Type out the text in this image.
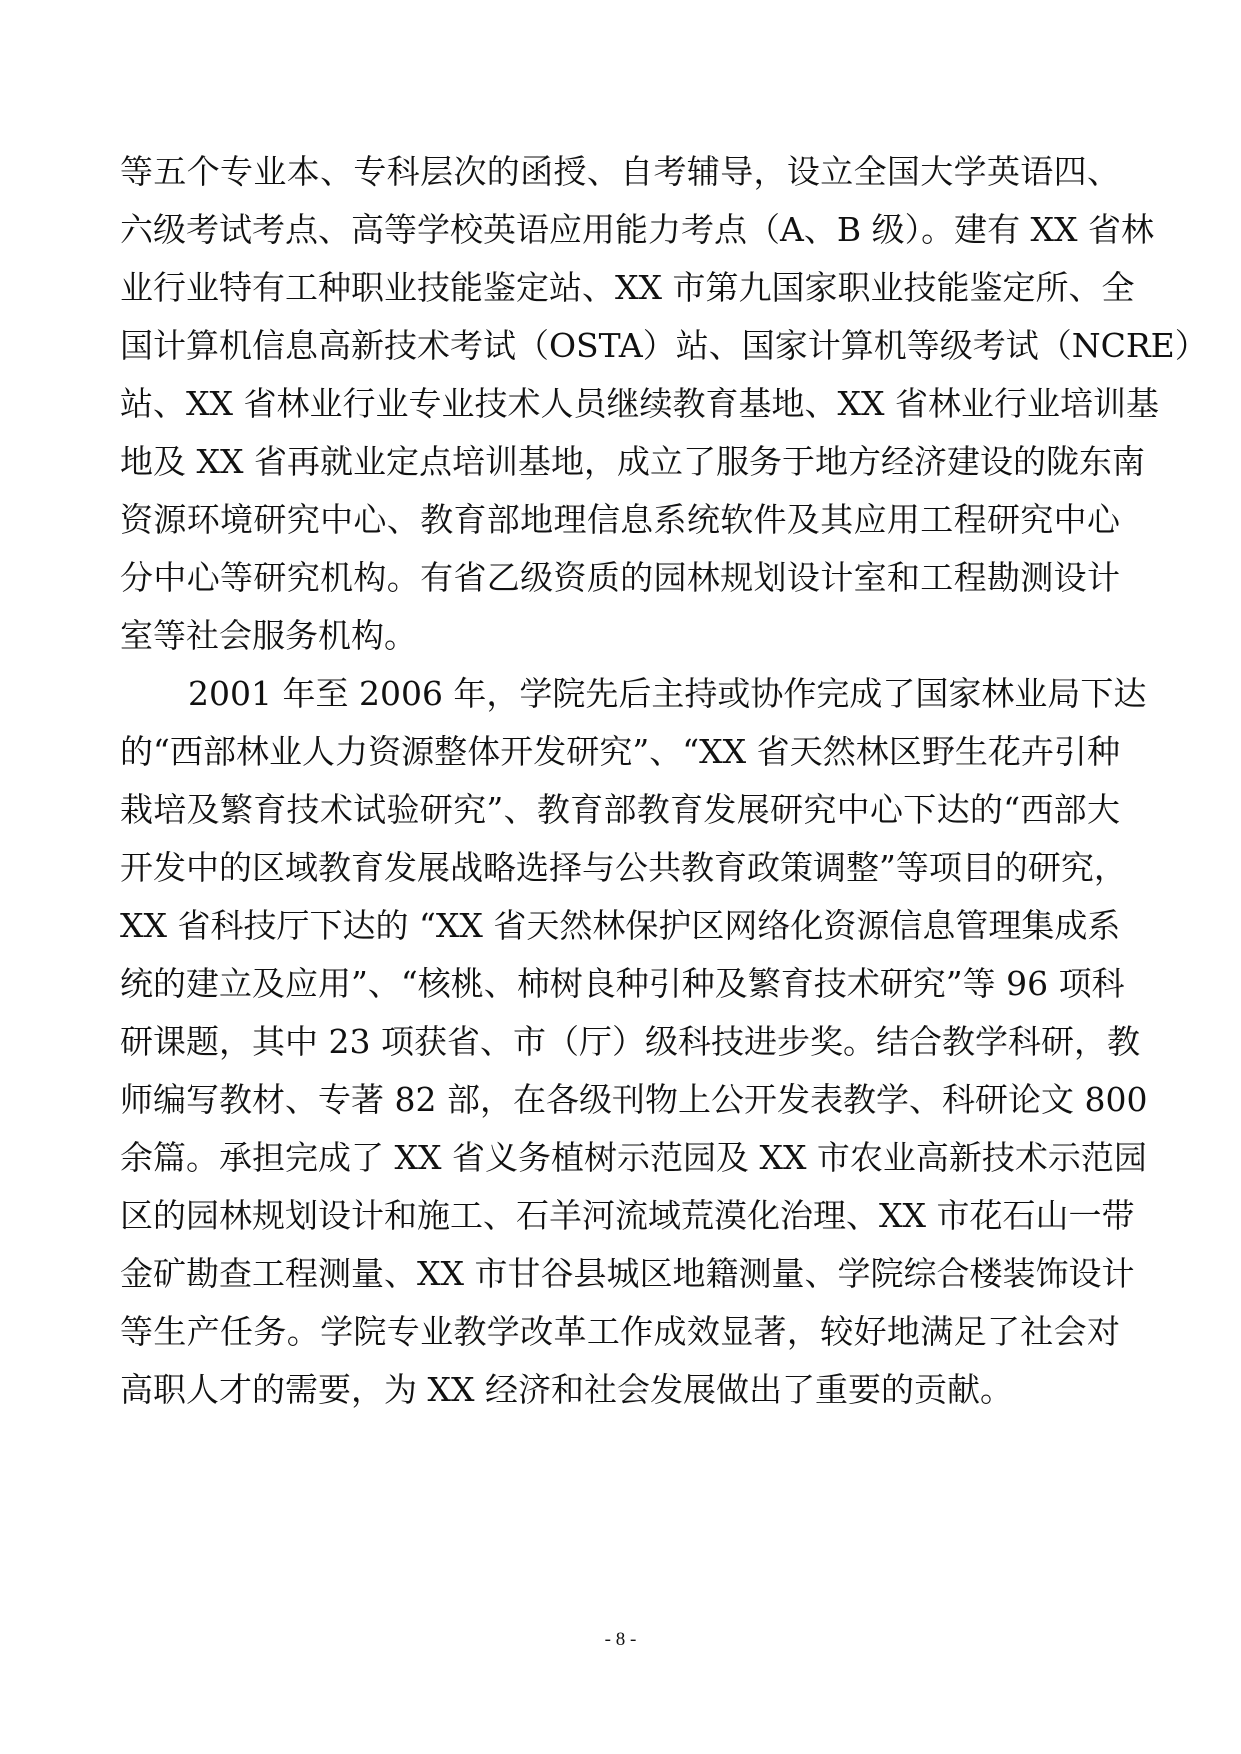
等五个专业本、专科层次的函授、自考辅导，设立全国大学英语四、
六级考试考点、高等学校英语应用能力考点（A、B 级）。建有 XX 省林
业行业特有工种职业技能鉴定站、XX 市第九国家职业技能鉴定所、全
国计算机信息高新技术考试（OSTA）站、国家计算机等级考试（NCRE）
站、XX 省林业行业专业技术人员继续教育基地、XX 省林业行业培训基
地及 XX 省再就业定点培训基地，成立了服务于地方经济建设的陇东南
资源环境研究中心、教育部地理信息系统软件及其应用工程研究中心
分中心等研究机构。有省乙级资质的园林规划设计室和工程勘测设计
室等社会服务机构。
2001 年至 2006 年，学院先后主持或协作完成了国家林业局下达
的“西部林业人力资源整体开发研究”、“XX 省天然林区野生花卉引种
栽培及繁育技术试验研究”、教育部教育发展研究中心下达的“西部大
开发中的区域教育发展战略选择与公共教育政策调整”等项目的研究，
XX 省科技厅下达的 “XX 省天然林保护区网络化资源信息管理集成系
统的建立及应用”、“核桃、柿树良种引种及繁育技术研究”等 96 项科
研课题，其中 23 项获省、市（厅）级科技进步奖。结合教学科研，教
师编写教材、专著 82 部，在各级刊物上公开发表教学、科研论文 800
余篇。承担完成了 XX 省义务植树示范园及 XX 市农业高新技术示范园
区的园林规划设计和施工、石羊河流域荒漠化治理、XX 市花石山一带
金矿勘查工程测量、XX 市甘谷县城区地籍测量、学院综合楼装饰设计
等生产任务。学院专业教学改革工作成效显著，较好地满足了社会对
高职人才的需要，为 XX 经济和社会发展做出了重要的贡献。
- 8 -
